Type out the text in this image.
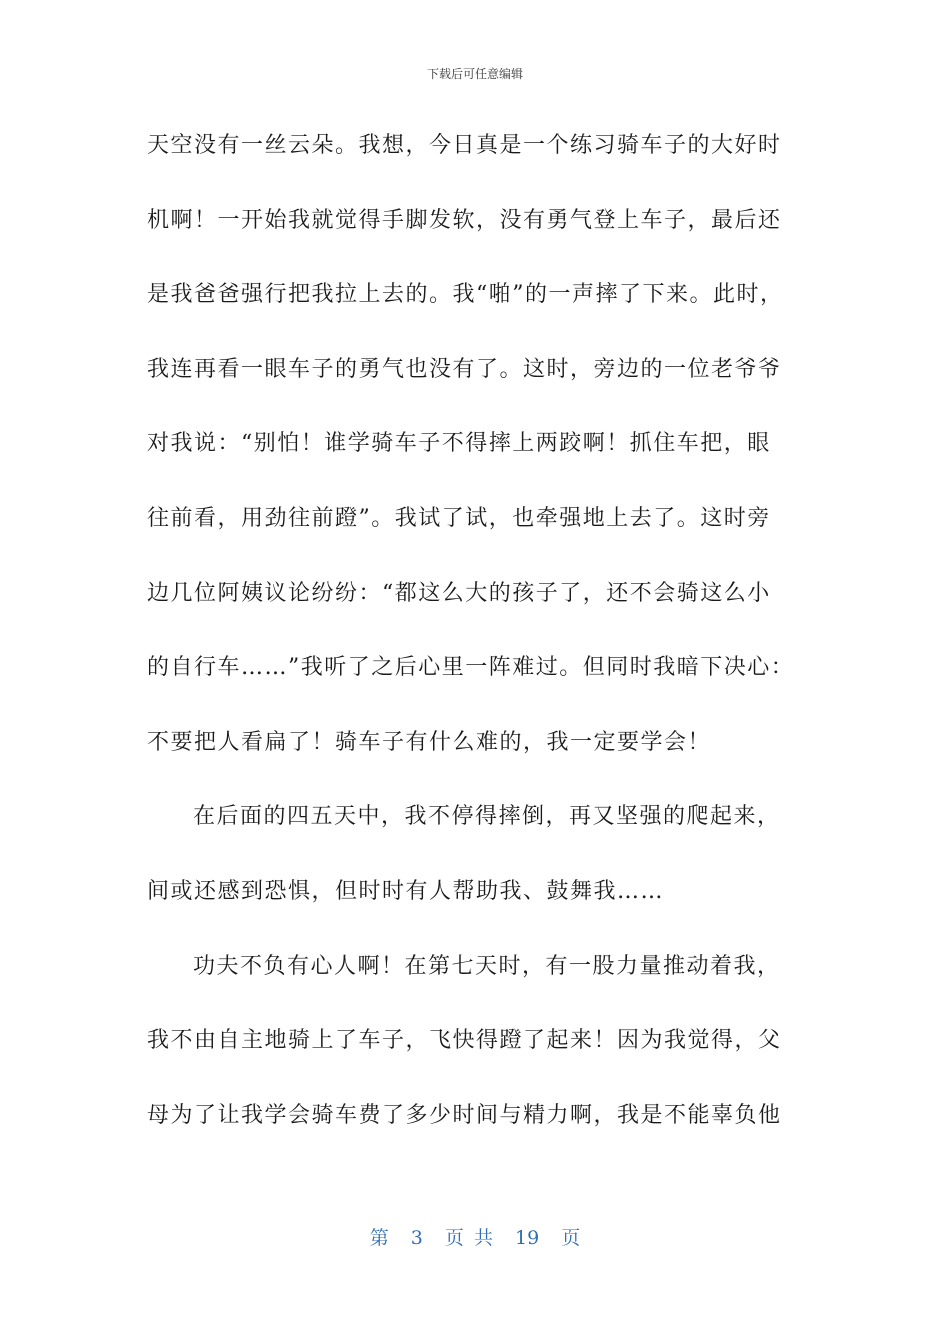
下载后可任意编辑
天空没有一丝云朵。我想，今日真是一个练习骑车子的大好时
机啊！一开始我就觉得手脚发软，没有勇气登上车子，最后还
是我爸爸强行把我拉上去的。我“啪”的一声摔了下来。此时，
我连再看一眼车子的勇气也没有了。这时，旁边的一位老爷爷
对我说：“别怕！谁学骑车子不得摔上两跤啊！抓住车把，眼
往前看，用劲往前蹬”。我试了试，也牵强地上去了。这时旁
边几位阿姨议论纷纷：“都这么大的孩子了，还不会骑这么小
的自行车……”我听了之后心里一阵难过。但同时我暗下决心：
不要把人看扁了！骑车子有什么难的，我一定要学会！
在后面的四五天中，我不停得摔倒，再又坚强的爬起来，
间或还感到恐惧，但时时有人帮助我、鼓舞我……
功夫不负有心人啊！在第七天时，有一股力量推动着我，
我不由自主地骑上了车子，飞快得蹬了起来！因为我觉得，父
母为了让我学会骑车费了多少时间与精力啊，我是不能辜负他
第 3 页 共 19 页
